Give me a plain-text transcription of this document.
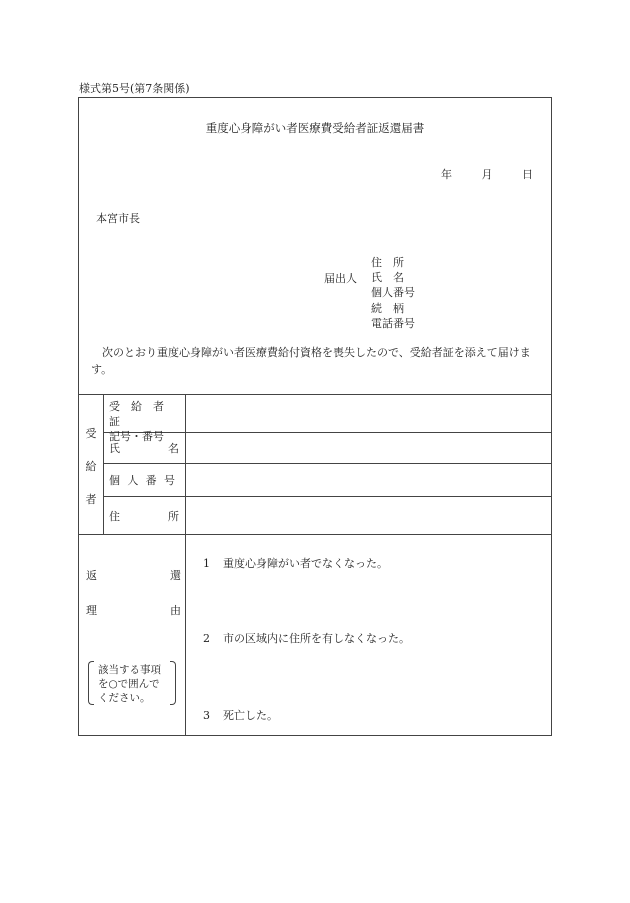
様式第5号(第7条関係)
重度心身障がい者医療費受給者証返還届書
年	月	日
本宮市長
届出人
住　所
氏　名
個人番号
続　柄
電話番号
次のとおり重度心身障がい者医療費給付資格を喪失したので、受給者証を添えて届けます。
受
給
者
受　給　者　証
記号・番号
氏	名
個 人 番 号
住	所
返	還
理	由
該当する事項
を○で囲んで
ください。
1 重度心身障がい者でなくなった。
2 市の区域内に住所を有しなくなった。
3 死亡した。
